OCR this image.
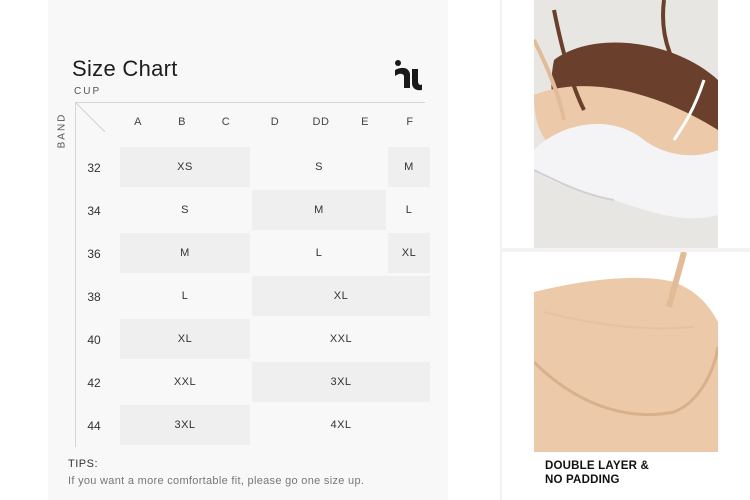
Size Chart
CUP
BAND	A	B	C	D	DD	E	F
32	XS	S	M
34	S	M	L
36	M	L	XL
38	L	XL
40	XL	XXL
42	XXL	3XL
44	3XL	4XL
TIPS:
If you want a more comfortable fit, please go one size up.
DOUBLE LAYER &
NO PADDING
